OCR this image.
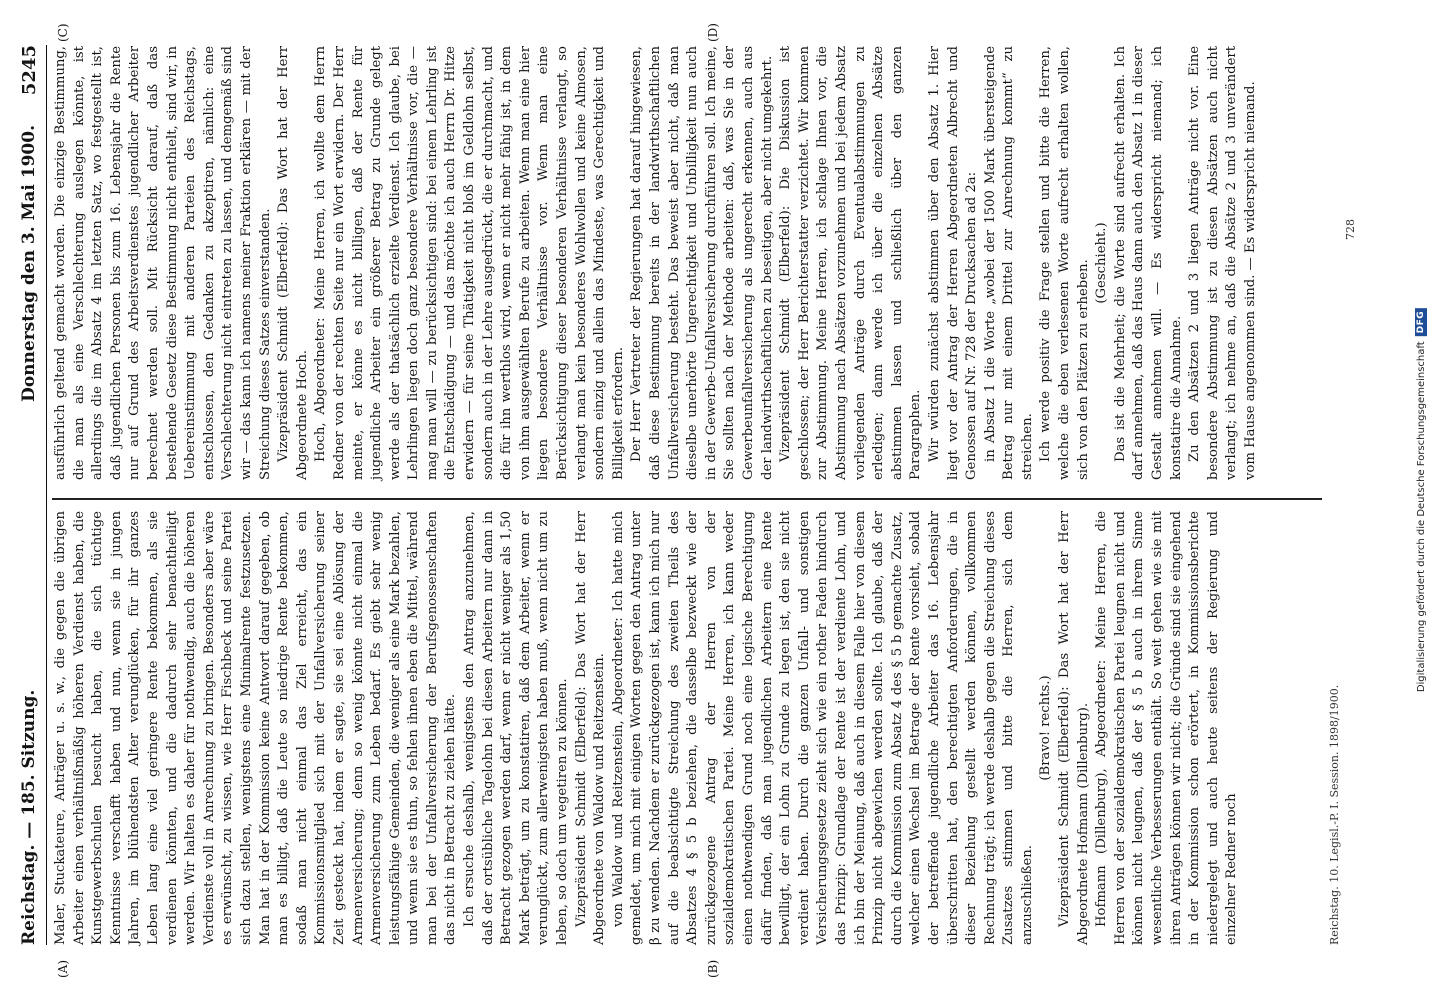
Digitalisierung gefördert durch die Deutsche Forschungsgemeinschaft
DFG
Reichstag. — 185. Sitzung.
Donnerstag den 3. Mai 1900.
5245
(A)	(B)
(C)	(D)

Maler, Stuckateure, Anträger u. s. w., die gegen die übrigen Arbeiter einen verhältnißmäßig höheren Verdienst haben, die Kunstgewerbschulen besucht haben, die sich tüchtige Kenntnisse verschafft haben und nun, wenn sie in jungen Jahren, im blühendsten Alter verunglücken, für ihr ganzes Leben lang eine viel geringere Rente bekommen, als sie verdienen könnten, und die dadurch sehr benachtheiligt werden. Wir halten es daher für nothwendig, auch die höheren Verdienste voll in Anrechnung zu bringen. Besonders aber wäre es erwünscht, zu wissen, wie Herr Fischbeck und seine Partei sich dazu stellen, wenigstens eine Minimalrente festzusetzen. Man hat in der Kommission keine Antwort darauf gegeben, ob man es billigt, daß die Leute so niedrige Rente bekommen, sodaß man nicht einmal das Ziel erreicht, das ein Kommissionsmitglied sich mit der Unfallversicherung seiner Zeit gesteckt hat, indem er sagte, sie sei eine Ablösung der Armenversicherung; denn so wenig könnte nicht einmal die Armenversicherung zum Leben bedarf. Es giebt sehr wenig leistungsfähige Gemeinden, die weniger als eine Mark bezahlen, und wenn sie es thun, so fehlen ihnen eben die Mittel, während man bei der Unfallversicherung der Berufsgenossenschaften das nicht in Betracht zu ziehen hätte. Ich ersuche deshalb, wenigstens den Antrag anzunehmen, daß der ortsübliche Tagelohn bei diesen Arbeitern nur dann in Betracht gezogen werden darf, wenn er nicht weniger als 1,50 Mark beträgt, um zu konstatiren, daß dem Arbeiter, wenn er verunglückt, zum allerwenigsten haben muß, wenn nicht um zu leben, so doch um vegetiren zu können. Vizepräsident Schmidt (Elberfeld): Das Wort hat der Herr Abgeordnete von Waldow und Reitzenstein. von Waldow und Reitzenstein, Abgeordneter: Ich hatte mich gemeldet, um mich mit einigen Worten gegen den Antrag unter β zu wenden. Nachdem er zurückgezogen ist, kann ich mich nur auf die beabsichtigte Streichung des zweiten Theils des Absatzes 4 § 5 b beziehen, die dasselbe bezweckt wie der zurückgezogene Antrag der Herren von der sozialdemokratischen Partei. Meine Herren, ich kann weder einen nothwendigen Grund noch eine logische Berechtigung dafür finden, daß man jugendlichen Arbeitern eine Rente bewilligt, der ein Lohn zu Grunde zu legen ist, den sie nicht verdient haben. Durch die ganzen Unfall- und sonstigen Versicherungsgesetze zieht sich wie ein rother Faden hindurch das Prinzip: Grundlage der Rente ist der verdiente Lohn, und ich bin der Meinung, daß auch in diesem Falle hier von diesem Prinzip nicht abgewichen werden sollte. Ich glaube, daß der durch die Kommission zum Absatz 4 des § 5 b gemachte Zusatz, welcher einen Wechsel im Betrage der Rente vorsieht, sobald der betreffende jugendliche Arbeiter das 16. Lebensjahr überschritten hat, den berechtigten Anforderungen, die in dieser Beziehung gestellt werden können, vollkommen Rechnung trägt; ich werde deshalb gegen die Streichung dieses Zusatzes stimmen und bitte die Herren, sich dem anzuschließen.

(Bravo! rechts.) Vizepräsident Schmidt (Elberfeld): Das Wort hat der Herr Abgeordnete Hofmann (Dillenburg). Hofmann (Dillenburg), Abgeordneter: Meine Herren, die Herren von der sozialdemokratischen Partei leugnen nicht und können nicht leugnen, daß der § 5 b auch in ihrem Sinne wesentliche Verbesserungen enthält. So weit gehen wie sie mit ihren Anträgen können wir nicht; die Gründe sind sie eingehend in der Kommission schon erörtert, in Kommissionsberichte niedergelegt und auch heute seitens der Regierung und einzelner Redner noch

ausführlich geltend gemacht worden. Die einzige Bestimmung, die man als eine Verschlechterung auslegen könnte, ist allerdings die im Absatz 4 im letzten Satz, wo festgestellt ist, daß jugendlichen Personen bis zum 16. Lebensjahr die Rente nur auf Grund des Arbeitsverdienstes jugendlicher Arbeiter berechnet werden soll. Mit Rücksicht darauf, daß das bestehende Gesetz diese Bestimmung nicht enthielt, sind wir, in Uebereinstimmung mit anderen Parteien des Reichstags, entschlossen, den Gedanken zu akzeptiren, nämlich: eine Verschlechterung nicht eintreten zu lassen, und demgemäß sind wir — das kann ich namens meiner Fraktion erklären — mit der Streichung dieses Satzes einverstanden. Vizepräsident Schmidt (Elberfeld): Das Wort hat der Herr Abgeordnete Hoch. Hoch, Abgeordneter: Meine Herren, ich wollte dem Herrn Redner von der rechten Seite nur ein Wort erwidern. Der Herr meinte, er könne es nicht billigen, daß der Rente für jugendliche Arbeiter ein größerer Betrag zu Grunde gelegt werde als der thatsächlich erzielte Verdienst. Ich glaube, bei Lehrlingen liegen doch ganz besondere Verhältnisse vor, die — mag man will — zu berücksichtigen sind: bei einem Lehrling ist die Entschädigung — und das möchte ich auch Herrn Dr. Hitze erwidern — für seine Thätigkeit nicht bloß im Geldlohn selbst, sondern auch in der Lehre ausgedrückt, die er durchmacht, und die für ihn werthlos wird, wenn er nicht mehr fähig ist, in dem von ihm ausgewählten Berufe zu arbeiten. Wenn man eine hier liegen besondere Verhältnisse vor. Wenn man eine Berücksichtigung dieser besonderen Verhältnisse verlangt, so verlangt man kein besonderes Wohlwollen und keine Almosen, sondern einzig und allein das Mindeste, was Gerechtigkeit und Billigkeit erfordern. Der Herr Vertreter der Regierungen hat darauf hingewiesen, daß diese Bestimmung bereits in der landwirthschaftlichen Unfallversicherung besteht. Das beweist aber nicht, daß man dieselbe unerhörte Ungerechtigkeit und Unbilligkeit nun auch in der Gewerbe-Unfallversicherung durchführen soll. Ich meine, Sie sollten nach der Methode arbeiten: daß, was Sie in der Gewerbeunfallversicherung als ungerecht erkennen, auch aus der landwirthschaftlichen zu beseitigen, aber nicht umgekehrt. Vizepräsident Schmidt (Elberfeld): Die Diskussion ist geschlossen; der Herr Berichterstatter verzichtet. Wir kommen zur Abstimmung. Meine Herren, ich schlage Ihnen vor, die Abstimmung nach Absätzen vorzunehmen und bei jedem Absatz vorliegenden Anträge durch Eventualabstimmungen zu erledigen; dann werde ich über die einzelnen Absätze abstimmen lassen und schließlich über den ganzen Paragraphen. Wir würden zunächst abstimmen über den Absatz 1. Hier liegt vor der Antrag der Herren Abgeordneten Albrecht und Genossen auf Nr. 728 der Drucksachen ad 2a: in Absatz 1 die Worte „wobei der 1500 Mark übersteigende Betrag nur mit einem Drittel zur Anrechnung kommt“ zu streichen. Ich werde positiv die Frage stellen und bitte die Herren, welche die eben verlesenen Worte aufrecht erhalten wollen, sich von den Plätzen zu erheben. (Geschieht.) Das ist die Mehrheit; die Worte sind aufrecht erhalten. Ich darf annehmen, daß das Haus dann auch den Absatz 1 in dieser Gestalt annehmen will. — Es widerspricht niemand; ich konstatire die Annahme. Zu den Absätzen 2 und 3 liegen Anträge nicht vor. Eine besondere Abstimmung ist zu diesen Absätzen auch nicht verlangt; ich nehme an, daß die Absätze 2 und 3 unverändert vom Hause angenommen sind. — Es widerspricht niemand.

Reichstag. 10. Legisl.-P. I. Session. 1898/1900.
728
